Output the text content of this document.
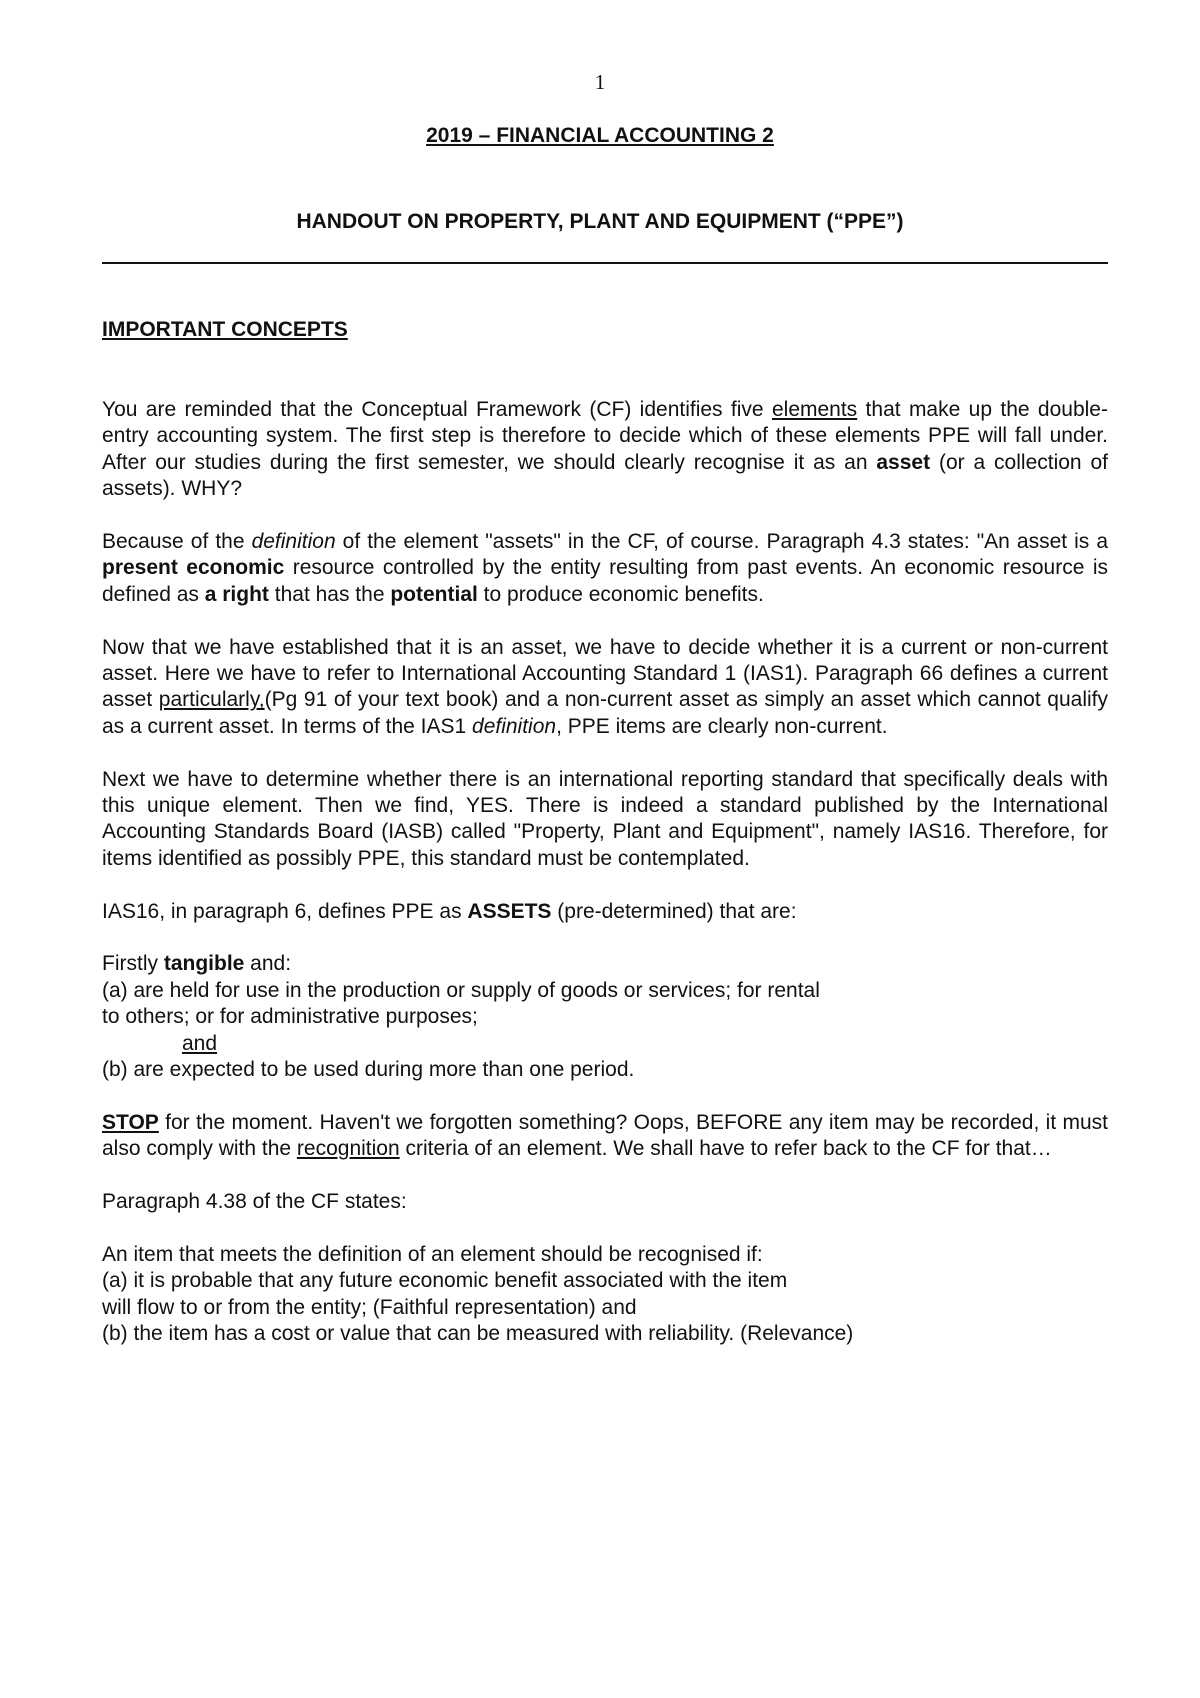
1
2019 – FINANCIAL ACCOUNTING 2
HANDOUT ON PROPERTY, PLANT AND EQUIPMENT (“PPE”)
IMPORTANT CONCEPTS

You are reminded that the Conceptual Framework (CF) identifies five elements that make up the double-entry accounting system. The first step is therefore to decide which of these elements PPE will fall under. After our studies during the first semester, we should clearly recognise it as an asset (or a collection of assets). WHY?

Because of the definition of the element "assets" in the CF, of course. Paragraph 4.3 states: "An asset is a present economic resource controlled by the entity resulting from past events. An economic resource is defined as a right that has the potential to produce economic benefits.

Now that we have established that it is an asset, we have to decide whether it is a current or non-current asset. Here we have to refer to International Accounting Standard 1 (IAS1). Paragraph 66 defines a current asset particularly,(Pg 91 of your text book) and a non-current asset as simply an asset which cannot qualify as a current asset. In terms of the IAS1 definition, PPE items are clearly non-current.

Next we have to determine whether there is an international reporting standard that specifically deals with this unique element. Then we find, YES. There is indeed a standard published by the International Accounting Standards Board (IASB) called "Property, Plant and Equipment", namely IAS16. Therefore, for items identified as possibly PPE, this standard must be contemplated.

IAS16, in paragraph 6, defines PPE as ASSETS (pre-determined) that are:

Firstly tangible and:

(a) are held for use in the production or supply of goods or services; for rental

to others; or for administrative purposes;

and

(b) are expected to be used during more than one period.

STOP for the moment. Haven't we forgotten something? Oops, BEFORE any item may be recorded, it must also comply with the recognition criteria of an element. We shall have to refer back to the CF for that…

Paragraph 4.38 of the CF states:

An item that meets the definition of an element should be recognised if:

(a) it is probable that any future economic benefit associated with the item

will flow to or from the entity; (Faithful representation) and

(b) the item has a cost or value that can be measured with reliability. (Relevance)
